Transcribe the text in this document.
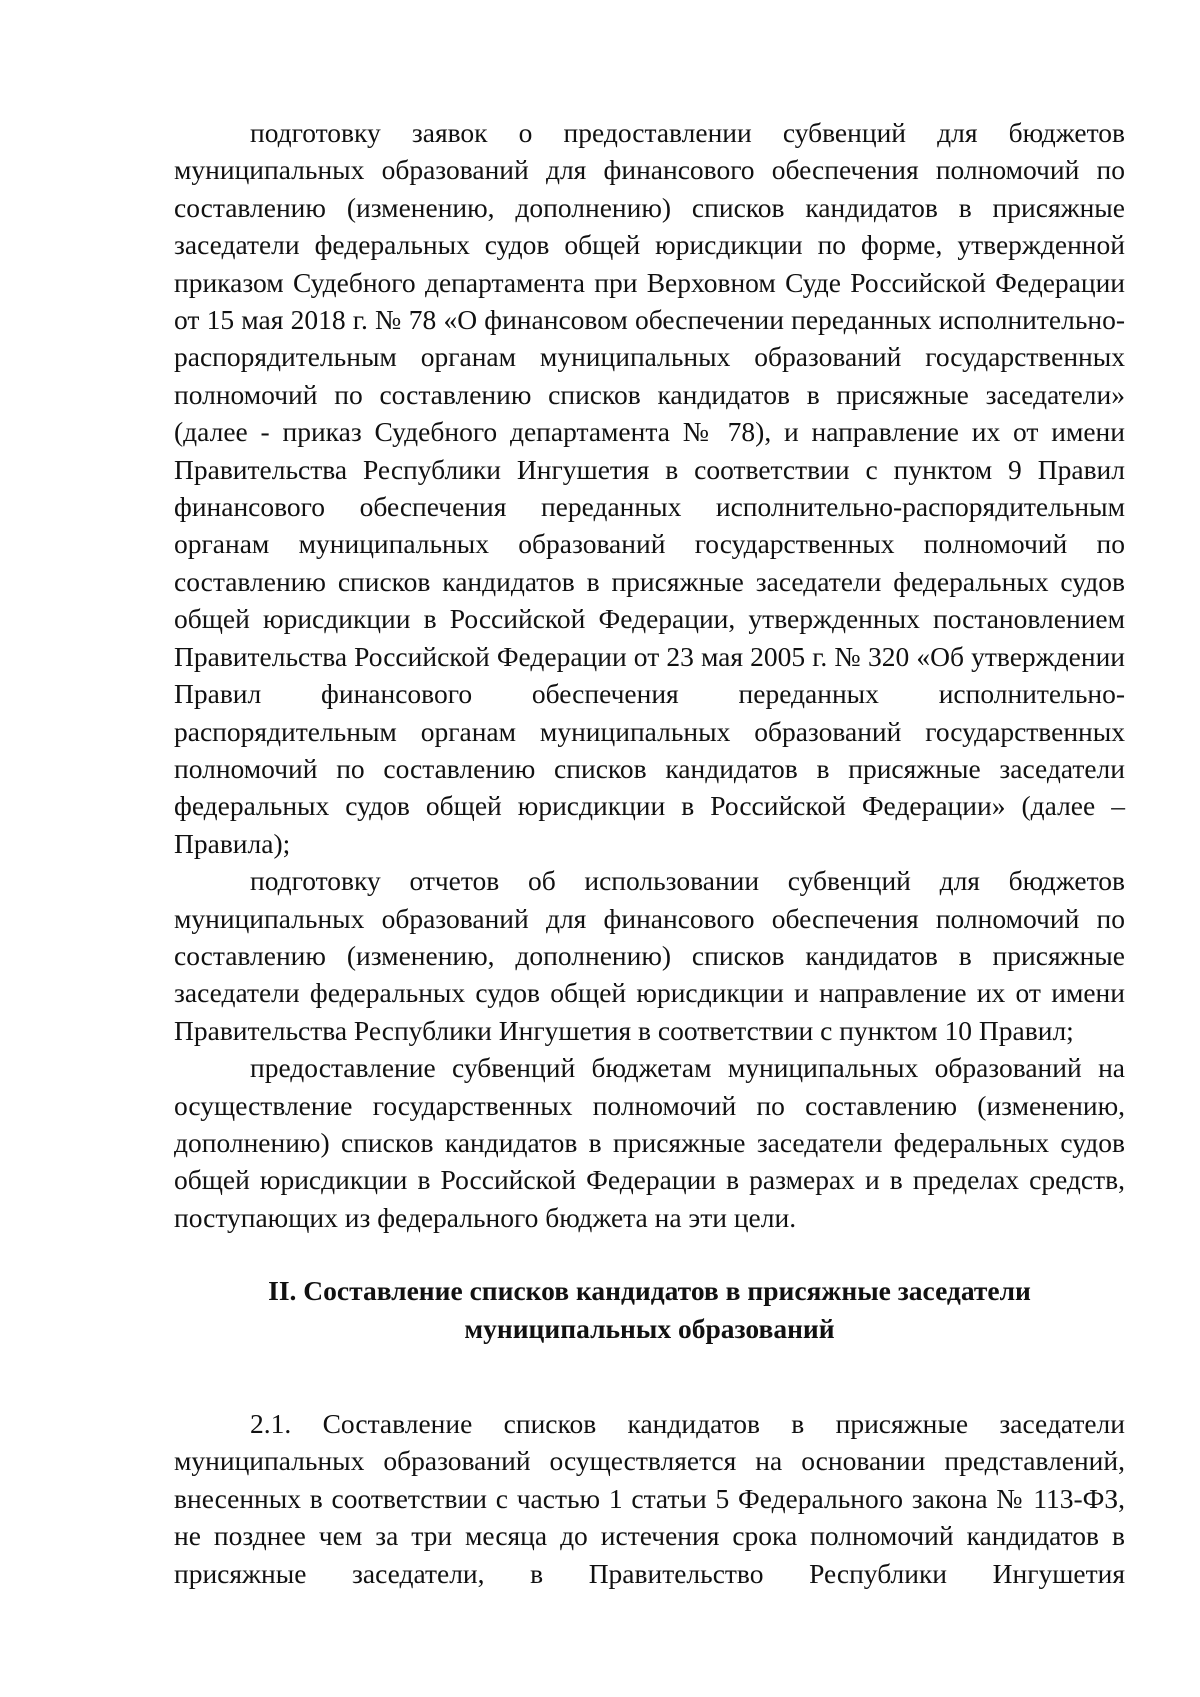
подготовку заявок о предоставлении субвенций для бюджетов муниципальных образований для финансового обеспечения полномочий по составлению (изменению, дополнению) списков кандидатов в присяжные заседатели федеральных судов общей юрисдикции по форме, утвержденной приказом Судебного департамента при Верховном Суде Российской Федерации от 15 мая 2018 г. № 78 «О финансовом обеспечении переданных исполнительно-распорядительным органам муниципальных образований государственных полномочий по составлению списков кандидатов в присяжные заседатели» (далее - приказ Судебного департамента № 78), и направление их от имени Правительства Республики Ингушетия в соответствии с пунктом 9 Правил финансового обеспечения переданных исполнительно-распорядительным органам муниципальных образований государственных полномочий по составлению списков кандидатов в присяжные заседатели федеральных судов общей юрисдикции в Российской Федерации, утвержденных постановлением Правительства Российской Федерации от 23 мая 2005 г. № 320 «Об утверждении Правил финансового обеспечения переданных исполнительно-распорядительным органам муниципальных образований государственных полномочий по составлению списков кандидатов в присяжные заседатели федеральных судов общей юрисдикции в Российской Федерации» (далее –Правила);

подготовку отчетов об использовании субвенций для бюджетов муниципальных образований для финансового обеспечения полномочий по составлению (изменению, дополнению) списков кандидатов в присяжные заседатели федеральных судов общей юрисдикции и направление их от имени Правительства Республики Ингушетия в соответствии с пунктом 10 Правил;

предоставление субвенций бюджетам муниципальных образований на осуществление государственных полномочий по составлению (изменению, дополнению) списков кандидатов в присяжные заседатели федеральных судов общей юрисдикции в Российской Федерации в размерах и в пределах средств, поступающих из федерального бюджета на эти цели.

II. Составление списков кандидатов в присяжные заседатели
муниципальных образований

2.1. Составление списков кандидатов в присяжные заседатели муниципальных образований осуществляется на основании представлений, внесенных в соответствии с частью 1 статьи 5 Федерального закона № 113-ФЗ, не позднее чем за три месяца до истечения срока полномочий кандидатов в присяжные заседатели, в Правительство Республики Ингушетия
